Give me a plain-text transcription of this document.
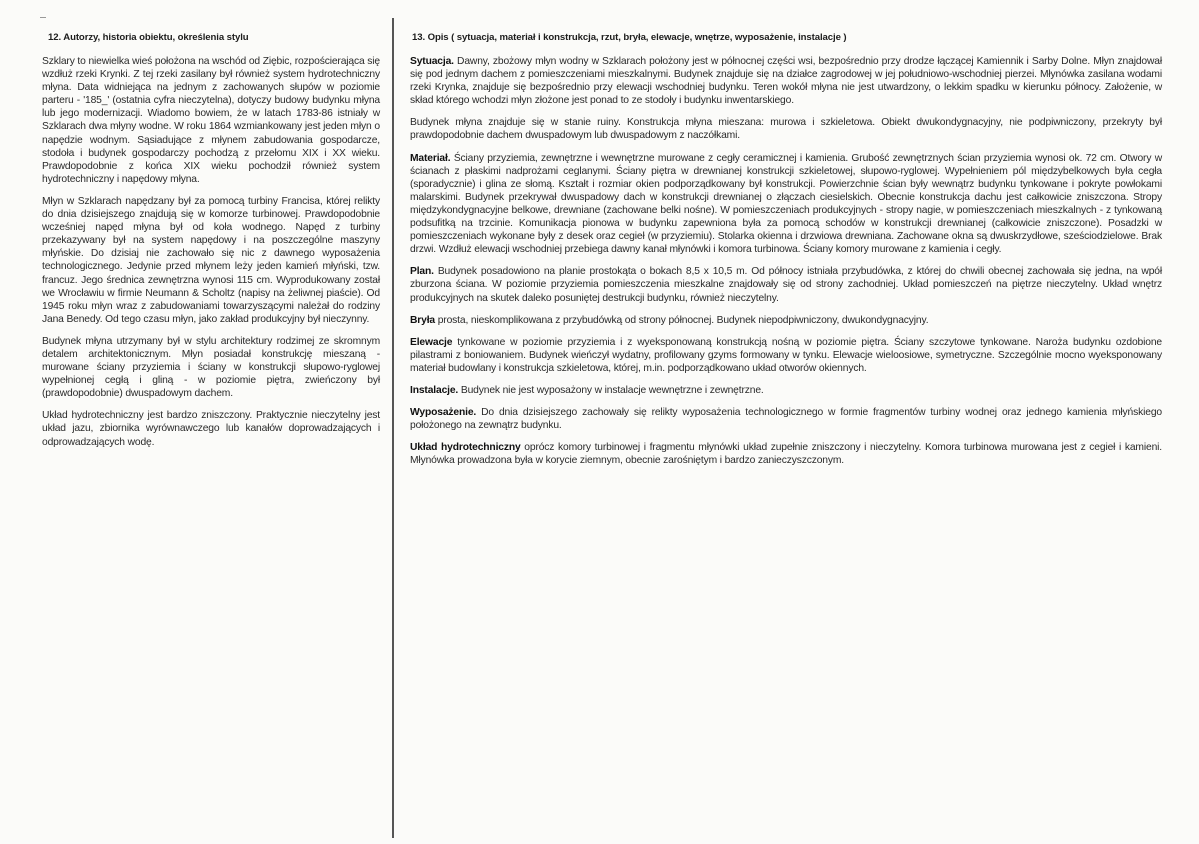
12. Autorzy, historia obiektu, określenia stylu

Szklary to niewielka wieś położona na wschód od Ziębic, rozpościerająca się wzdłuż rzeki Krynki. Z tej rzeki zasilany był również system hydrotechniczny młyna. Data widniejąca na jednym z zachowanych słupów w poziomie parteru - '185_' (ostatnia cyfra nieczytelna), dotyczy budowy budynku młyna lub jego modernizacji. Wiadomo bowiem, że w latach 1783-86 istniały w Szklarach dwa młyny wodne. W roku 1864 wzmiankowany jest jeden młyn o napędzie wodnym. Sąsiadujące z młynem zabudowania gospodarcze, stodoła i budynek gospodarczy pochodzą z przełomu XIX i XX wieku. Prawdopodobnie z końca XIX wieku pochodził również system hydrotechniczny i napędowy młyna.

Młyn w Szklarach napędzany był za pomocą turbiny Francisa, której relikty do dnia dzisiejszego znajdują się w komorze turbinowej. Prawdopodobnie wcześniej napęd młyna był od koła wodnego. Napęd z turbiny przekazywany był na system napędowy i na poszczególne maszyny młyńskie. Do dzisiaj nie zachowało się nic z dawnego wyposażenia technologicznego. Jedynie przed młynem leży jeden kamień młyński, tzw. francuz. Jego średnica zewnętrzna wynosi 115 cm. Wyprodukowany został we Wrocławiu w firmie Neumann & Scholtz (napisy na żeliwnej piaście). Od 1945 roku młyn wraz z zabudowaniami towarzyszącymi należał do rodziny Jana Benedy. Od tego czasu młyn, jako zakład produkcyjny był nieczynny.

Budynek młyna utrzymany był w stylu architektury rodzimej ze skromnym detalem architektonicznym. Młyn posiadał konstrukcję mieszaną - murowane ściany przyziemia i ściany w konstrukcji słupowo-ryglowej wypełnionej cegłą i gliną - w poziomie piętra, zwieńczony był (prawdopodobnie) dwuspadowym dachem.

Układ hydrotechniczny jest bardzo zniszczony. Praktycznie nieczytelny jest układ jazu, zbiornika wyrównawczego lub kanałów doprowadzających i odprowadzających wodę.

13. Opis ( sytuacja, materiał i konstrukcja, rzut, bryła, elewacje, wnętrze, wyposażenie, instalacje )

Sytuacja. Dawny, zbożowy młyn wodny w Szklarach położony jest w północnej części wsi, bezpośrednio przy drodze łączącej Kamiennik i Sarby Dolne. Młyn znajdował się pod jednym dachem z pomieszczeniami mieszkalnymi. Budynek znajduje się na działce zagrodowej w jej południowo-wschodniej pierzei. Młynówka zasilana wodami rzeki Krynka, znajduje się bezpośrednio przy elewacji wschodniej budynku. Teren wokół młyna nie jest utwardzony, o lekkim spadku w kierunku północy. Założenie, w skład którego wchodzi młyn złożone jest ponad to ze stodoły i budynku inwentarskiego.

Budynek młyna znajduje się w stanie ruiny. Konstrukcja młyna mieszana: murowa i szkieletowa. Obiekt dwukondygnacyjny, nie podpiwniczony, przekryty był prawdopodobnie dachem dwuspadowym lub dwuspadowym z naczółkami.

Materiał. Ściany przyziemia, zewnętrzne i wewnętrzne murowane z cegły ceramicznej i kamienia. Grubość zewnętrznych ścian przyziemia wynosi ok. 72 cm. Otwory w ścianach z płaskimi nadprożami ceglanymi. Ściany piętra w drewnianej konstrukcji szkieletowej, słupowo-ryglowej. Wypełnieniem pól międzybelkowych była cegła (sporadycznie) i glina ze słomą. Kształt i rozmiar okien podporządkowany był konstrukcji. Powierzchnie ścian były wewnątrz budynku tynkowane i pokryte powłokami malarskimi. Budynek przekrywał dwuspadowy dach w konstrukcji drewnianej o złączach ciesielskich. Obecnie konstrukcja dachu jest całkowicie zniszczona. Stropy międzykondygnacyjne belkowe, drewniane (zachowane belki nośne). W pomieszczeniach produkcyjnych - stropy nagie, w pomieszczeniach mieszkalnych - z tynkowaną podsufitką na trzcinie. Komunikacja pionowa w budynku zapewniona była za pomocą schodów w konstrukcji drewnianej (całkowicie zniszczone). Posadzki w pomieszczeniach wykonane były z desek oraz cegieł (w przyziemiu). Stolarka okienna i drzwiowa drewniana. Zachowane okna są dwuskrzydłowe, sześciodzielowe. Brak drzwi. Wzdłuż elewacji wschodniej przebiega dawny kanał młynówki i komora turbinowa. Ściany komory murowane z kamienia i cegły.

Plan. Budynek posadowiono na planie prostokąta o bokach 8,5 x 10,5 m. Od północy istniała przybudówka, z której do chwili obecnej zachowała się jedna, na wpół zburzona ściana. W poziomie przyziemia pomieszczenia mieszkalne znajdowały się od strony zachodniej. Układ pomieszczeń na piętrze nieczytelny. Układ wnętrz produkcyjnych na skutek daleko posuniętej destrukcji budynku, również nieczytelny.

Bryła prosta, nieskomplikowana z przybudówką od strony północnej. Budynek niepodpiwniczony, dwukondygnacyjny.

Elewacje tynkowane w poziomie przyziemia i z wyeksponowaną konstrukcją nośną w poziomie piętra. Ściany szczytowe tynkowane. Naroża budynku ozdobione pilastrami z boniowaniem. Budynek wieńczył wydatny, profilowany gzyms formowany w tynku. Elewacje wieloosiowe, symetryczne. Szczególnie mocno wyeksponowany materiał budowlany i konstrukcja szkieletowa, której, m.in. podporządkowano układ otworów okiennych.

Instalacje. Budynek nie jest wyposażony w instalacje wewnętrzne i zewnętrzne.

Wyposażenie. Do dnia dzisiejszego zachowały się relikty wyposażenia technologicznego w formie fragmentów turbiny wodnej oraz jednego kamienia młyńskiego położonego na zewnątrz budynku.

Układ hydrotechniczny oprócz komory turbinowej i fragmentu młynówki układ zupełnie zniszczony i nieczytelny. Komora turbinowa murowana jest z cegieł i kamieni. Młynówka prowadzona była w korycie ziemnym, obecnie zarośniętym i bardzo zanieczyszczonym.
